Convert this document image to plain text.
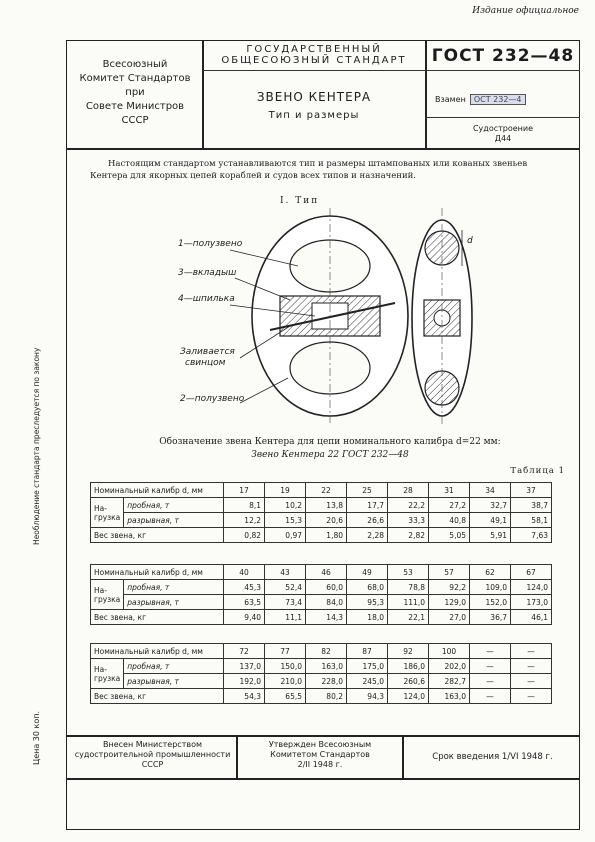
Издание официальное
Всесоюзный
Комитет Стандартов
при
Совете Министров
СССР
ГОСУДАРСТВЕННЫЙ
ОБЩЕСОЮЗНЫЙ СТАНДАРТ
ЗВЕНО КЕНТЕРА
Тип и размеры
ГОСТ 232—48
Взамен ОСТ 232—4
Судостроение
Д44
Настоящим стандартом устанавливаются тип и размеры штампованых или кованых звеньев Кентера для якорных цепей кораблей и судов всех типов и назначений.
I. Тип
1—полузвено
3—вкладыш
4—шпилька
Заливается
свинцом
2—полузвено
d
Обозначение звена Кентера для цепи номинального калибра d=22 мм:
Звено Кентера 22 ГОСТ 232—48
Таблица 1
Номинальный калибр d, мм		17	19	22	25	28	31	34	37

На-
грузка	пробная, т	8,1	10,2	13,8	17,7	22,2	27,2	32,7	38,7
	разрывная, т	12,2	15,3	20,6	26,6	33,3	40,8	49,1	58,1
Вес звена, кг		0,82	0,97	1,80	2,28	2,82	5,05	5,91	7,63
Номинальный калибр d, мм		40	43	46	49	53	57	62	67

На-
грузка	пробная, т	45,3	52,4	60,0	68,0	78,8	92,2	109,0	124,0
	разрывная, т	63,5	73,4	84,0	95,3	111,0	129,0	152,0	173,0
Вес звена, кг		9,40	11,1	14,3	18,0	22,1	27,0	36,7	46,1
Номинальный калибр d, мм		72	77	82	87	92	100	—	—

На-
грузка	пробная, т	137,0	150,0	163,0	175,0	186,0	202,0	—	—
	разрывная, т	192,0	210,0	228,0	245,0	260,6	282,7	—	—
Вес звена, кг		54,3	65,5	80,2	94,3	124,0	163,0	—	—
Внесен Министерством
судостроительной промышленности
СССР
Утвержден Всесоюзным
Комитетом Стандартов
2/II 1948 г.
Срок введения 1/VI 1948 г.
Необлюдение стандарта преследуется по закону
Цена 30 коп.
